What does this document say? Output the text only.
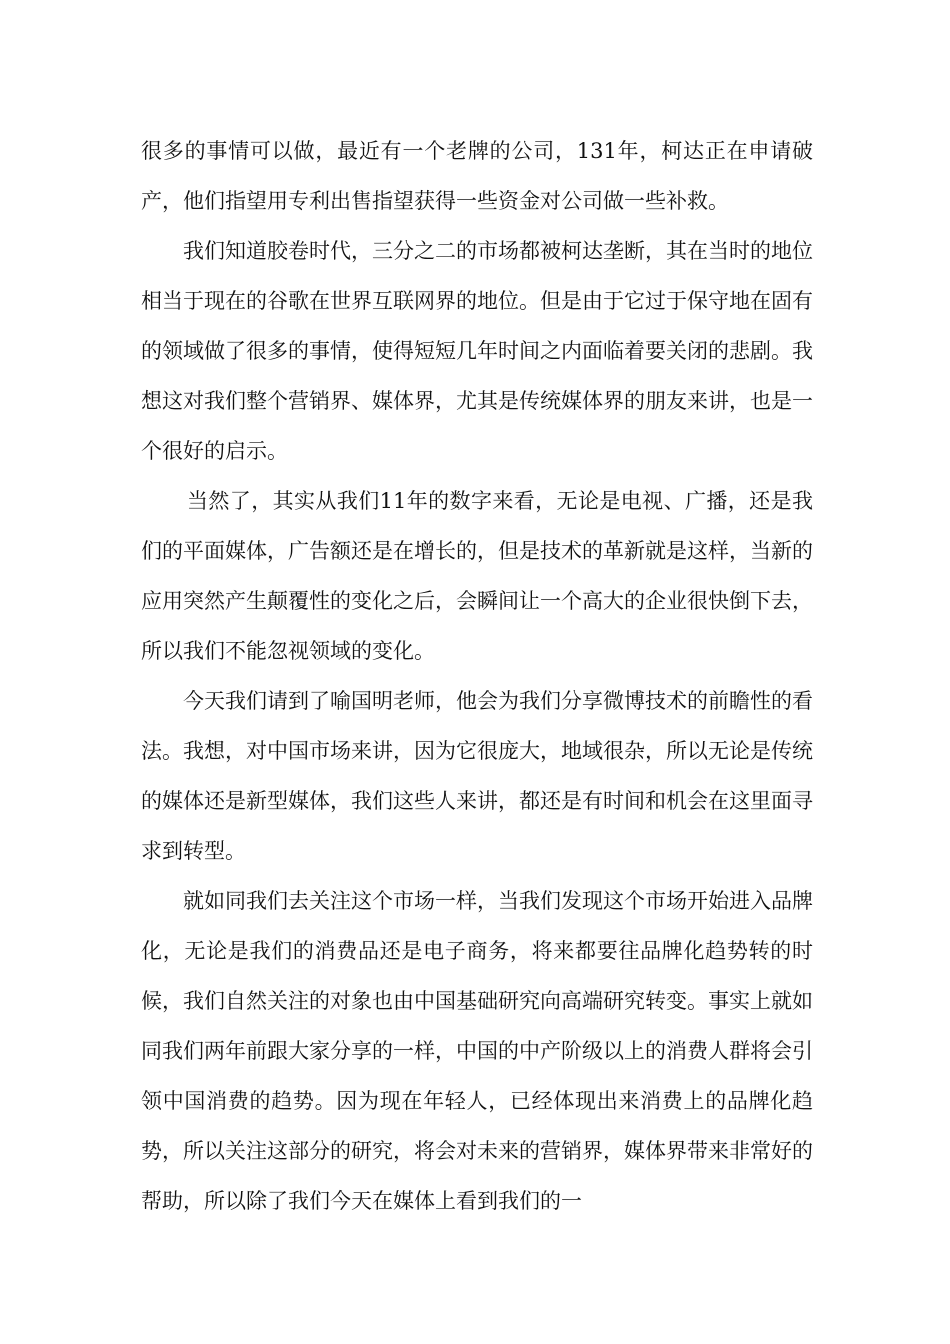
很多的事情可以做，最近有一个老牌的公司，131年，柯达正在申请破产，他们指望用专利出售指望获得一些资金对公司做一些补救。

我们知道胶卷时代，三分之二的市场都被柯达垄断，其在当时的地位相当于现在的谷歌在世界互联网界的地位。但是由于它过于保守地在固有的领域做了很多的事情，使得短短几年时间之内面临着要关闭的悲剧。我想这对我们整个营销界、媒体界，尤其是传统媒体界的朋友来讲，也是一个很好的启示。

当然了，其实从我们11年的数字来看，无论是电视、广播，还是我们的平面媒体，广告额还是在增长的，但是技术的革新就是这样，当新的应用突然产生颠覆性的变化之后，会瞬间让一个高大的企业很快倒下去，所以我们不能忽视领域的变化。

今天我们请到了喻国明老师，他会为我们分享微博技术的前瞻性的看法。我想，对中国市场来讲，因为它很庞大，地域很杂，所以无论是传统的媒体还是新型媒体，我们这些人来讲，都还是有时间和机会在这里面寻求到转型。

就如同我们去关注这个市场一样，当我们发现这个市场开始进入品牌化，无论是我们的消费品还是电子商务，将来都要往品牌化趋势转的时候，我们自然关注的对象也由中国基础研究向高端研究转变。事实上就如同我们两年前跟大家分享的一样，中国的中产阶级以上的消费人群将会引领中国消费的趋势。因为现在年轻人，已经体现出来消费上的品牌化趋势，所以关注这部分的研究，将会对未来的营销界，媒体界带来非常好的帮助，所以除了我们今天在媒体上看到我们的一
